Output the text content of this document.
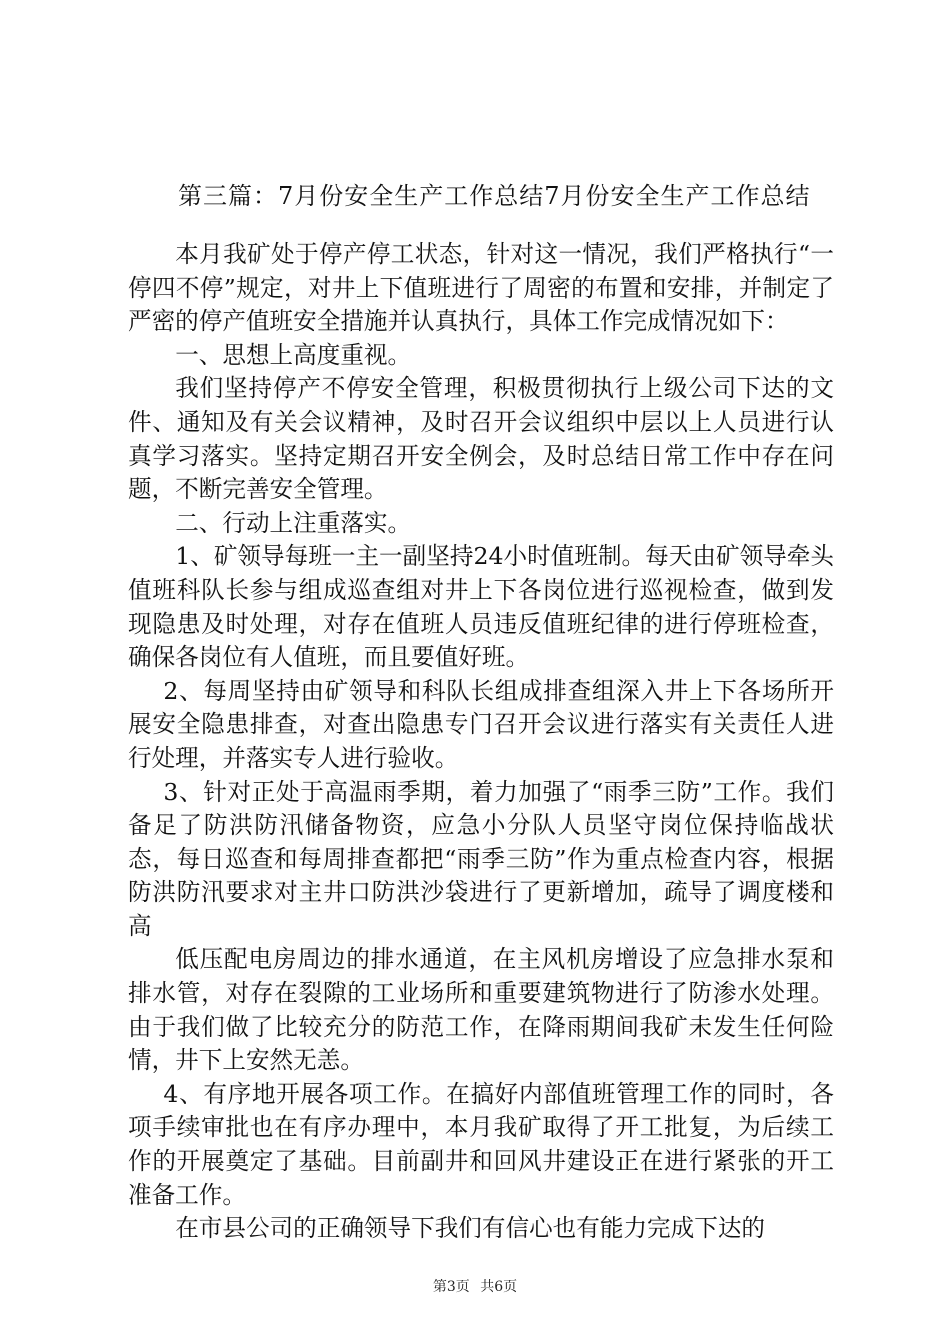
第三篇：7月份安全生产工作总结7月份安全生产工作总结

本月我矿处于停产停工状态，针对这一情况，我们严格执行“一停四不停”规定，对井上下值班进行了周密的布置和安排，并制定了严密的停产值班安全措施并认真执行，具体工作完成情况如下：

一、思想上高度重视。

我们坚持停产不停安全管理，积极贯彻执行上级公司下达的文件、通知及有关会议精神，及时召开会议组织中层以上人员进行认真学习落实。坚持定期召开安全例会，及时总结日常工作中存在问题，不断完善安全管理。

二、行动上注重落实。

1、矿领导每班一主一副坚持24小时值班制。每天由矿领导牵头值班科队长参与组成巡查组对井上下各岗位进行巡视检查，做到发现隐患及时处理，对存在值班人员违反值班纪律的进行停班检查，确保各岗位有人值班，而且要值好班。

2、每周坚持由矿领导和科队长组成排查组深入井上下各场所开展安全隐患排查，对查出隐患专门召开会议进行落实有关责任人进行处理，并落实专人进行验收。

3、针对正处于高温雨季期，着力加强了“雨季三防”工作。我们备足了防洪防汛储备物资，应急小分队人员坚守岗位保持临战状态，每日巡查和每周排查都把“雨季三防”作为重点检查内容，根据防洪防汛要求对主井口防洪沙袋进行了更新增加，疏导了调度楼和高

低压配电房周边的排水通道，在主风机房增设了应急排水泵和排水管，对存在裂隙的工业场所和重要建筑物进行了防渗水处理。由于我们做了比较充分的防范工作，在降雨期间我矿未发生任何险情，井下上安然无恙。

4、有序地开展各项工作。在搞好内部值班管理工作的同时，各项手续审批也在有序办理中，本月我矿取得了开工批复，为后续工作的开展奠定了基础。目前副井和回风井建设正在进行紧张的开工准备工作。

在市县公司的正确领导下我们有信心也有能力完成下达的

第3页 共6页
